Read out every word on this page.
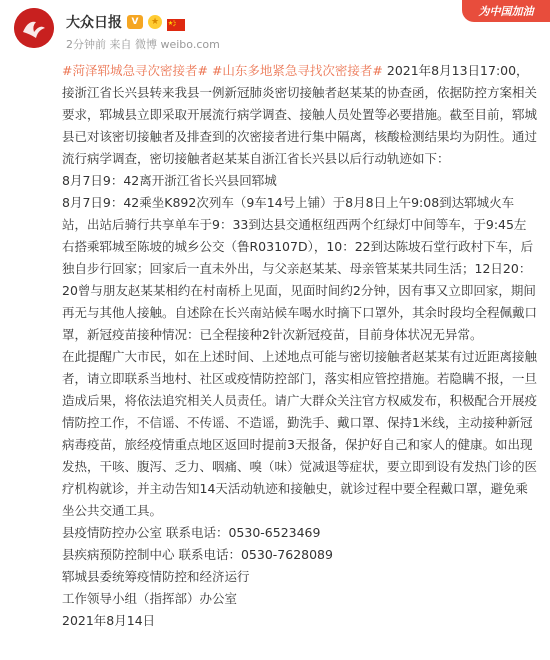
大众日报	V	★
2分钟前 来自 微博 weibo.com
为中国加油

#菏泽郓城急寻次密接者# #山东多地紧急寻找次密接者# 2021年8月13日17:00，接浙江省长兴县转来我县一例新冠肺炎密切接触者赵某某的协查函，依据防控方案相关要求，郓城县立即采取开展流行病学调查、接触人员处置等必要措施。截至目前，郓城县已对该密切接触者及排查到的次密接者进行集中隔离，核酸检测结果均为阴性。通过流行病学调查，密切接触者赵某某自浙江省长兴县以后行动轨迹如下：

8月7日9：42离开浙江省长兴县回郓城

8月7日9：42乘坐K892次列车（9车14号上铺）于8月8日上午9:08到达郓城火车站，出站后骑行共享单车于9：33到达县交通枢纽西两个红绿灯中间等车，于9:45左右搭乘郓城至陈坡的城乡公交（鲁R03107D），10：22到达陈坡石堂行政村下车，后独自步行回家；回家后一直未外出，与父亲赵某某、母亲管某某共同生活；12日20：20曾与朋友赵某某相约在村南桥上见面，见面时间约2分钟，因有事又立即回家，期间再无与其他人接触。自述除在长兴南站候车喝水时摘下口罩外，其余时段均全程佩戴口罩，新冠疫苗接种情况：已全程接种2针次新冠疫苗，目前身体状况无异常。

在此提醒广大市民，如在上述时间、上述地点可能与密切接触者赵某某有过近距离接触者，请立即联系当地村、社区或疫情防控部门，落实相应管控措施。若隐瞒不报，一旦造成后果，将依法追究相关人员责任。请广大群众关注官方权威发布，积极配合开展疫情防控工作，不信谣、不传谣、不造谣，勤洗手、戴口罩、保持1米线，主动接种新冠病毒疫苗，旅经疫情重点地区返回时提前3天报备，保护好自己和家人的健康。如出现发热，干咳、腹泻、乏力、咽痛、嗅（味）觉减退等症状，要立即到设有发热门诊的医疗机构就诊，并主动告知14天活动轨迹和接触史，就诊过程中要全程戴口罩，避免乘坐公共交通工具。

县疫情防控办公室 联系电话：0530-6523469

县疾病预防控制中心 联系电话：0530-7628089

郓城县委统筹疫情防控和经济运行

工作领导小组（指挥部）办公室

2021年8月14日
